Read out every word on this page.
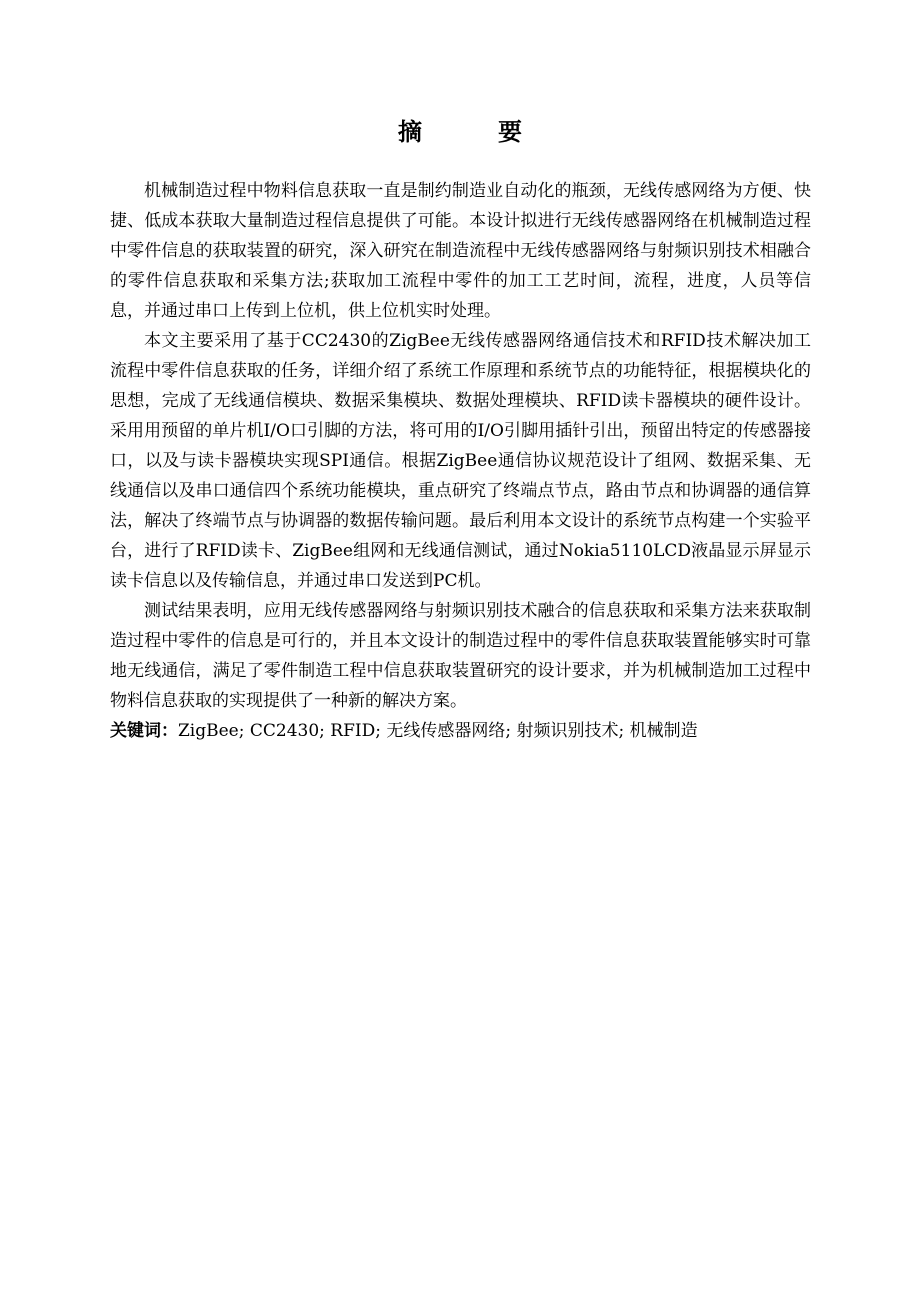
摘　要

机械制造过程中物料信息获取一直是制约制造业自动化的瓶颈，无线传感网络为方便、快捷、低成本获取大量制造过程信息提供了可能。本设计拟进行无线传感器网络在机械制造过程中零件信息的获取装置的研究，深入研究在制造流程中无线传感器网络与射频识别技术相融合的零件信息获取和采集方法;获取加工流程中零件的加工工艺时间，流程，进度，人员等信息，并通过串口上传到上位机，供上位机实时处理。

本文主要采用了基于CC2430的ZigBee无线传感器网络通信技术和RFID技术解决加工流程中零件信息获取的任务，详细介绍了系统工作原理和系统节点的功能特征，根据模块化的思想，完成了无线通信模块、数据采集模块、数据处理模块、RFID读卡器模块的硬件设计。采用用预留的单片机I/O口引脚的方法，将可用的I/O引脚用插针引出，预留出特定的传感器接口，以及与读卡器模块实现SPI通信。根据ZigBee通信协议规范设计了组网、数据采集、无线通信以及串口通信四个系统功能模块，重点研究了终端点节点，路由节点和协调器的通信算法，解决了终端节点与协调器的数据传输问题。最后利用本文设计的系统节点构建一个实验平台，进行了RFID读卡、ZigBee组网和无线通信测试，通过Nokia5110LCD液晶显示屏显示读卡信息以及传输信息，并通过串口发送到PC机。

测试结果表明，应用无线传感器网络与射频识别技术融合的信息获取和采集方法来获取制造过程中零件的信息是可行的，并且本文设计的制造过程中的零件信息获取装置能够实时可靠地无线通信，满足了零件制造工程中信息获取装置研究的设计要求，并为机械制造加工过程中物料信息获取的实现提供了一种新的解决方案。

关键词：ZigBee; CC2430; RFID; 无线传感器网络; 射频识别技术; 机械制造
